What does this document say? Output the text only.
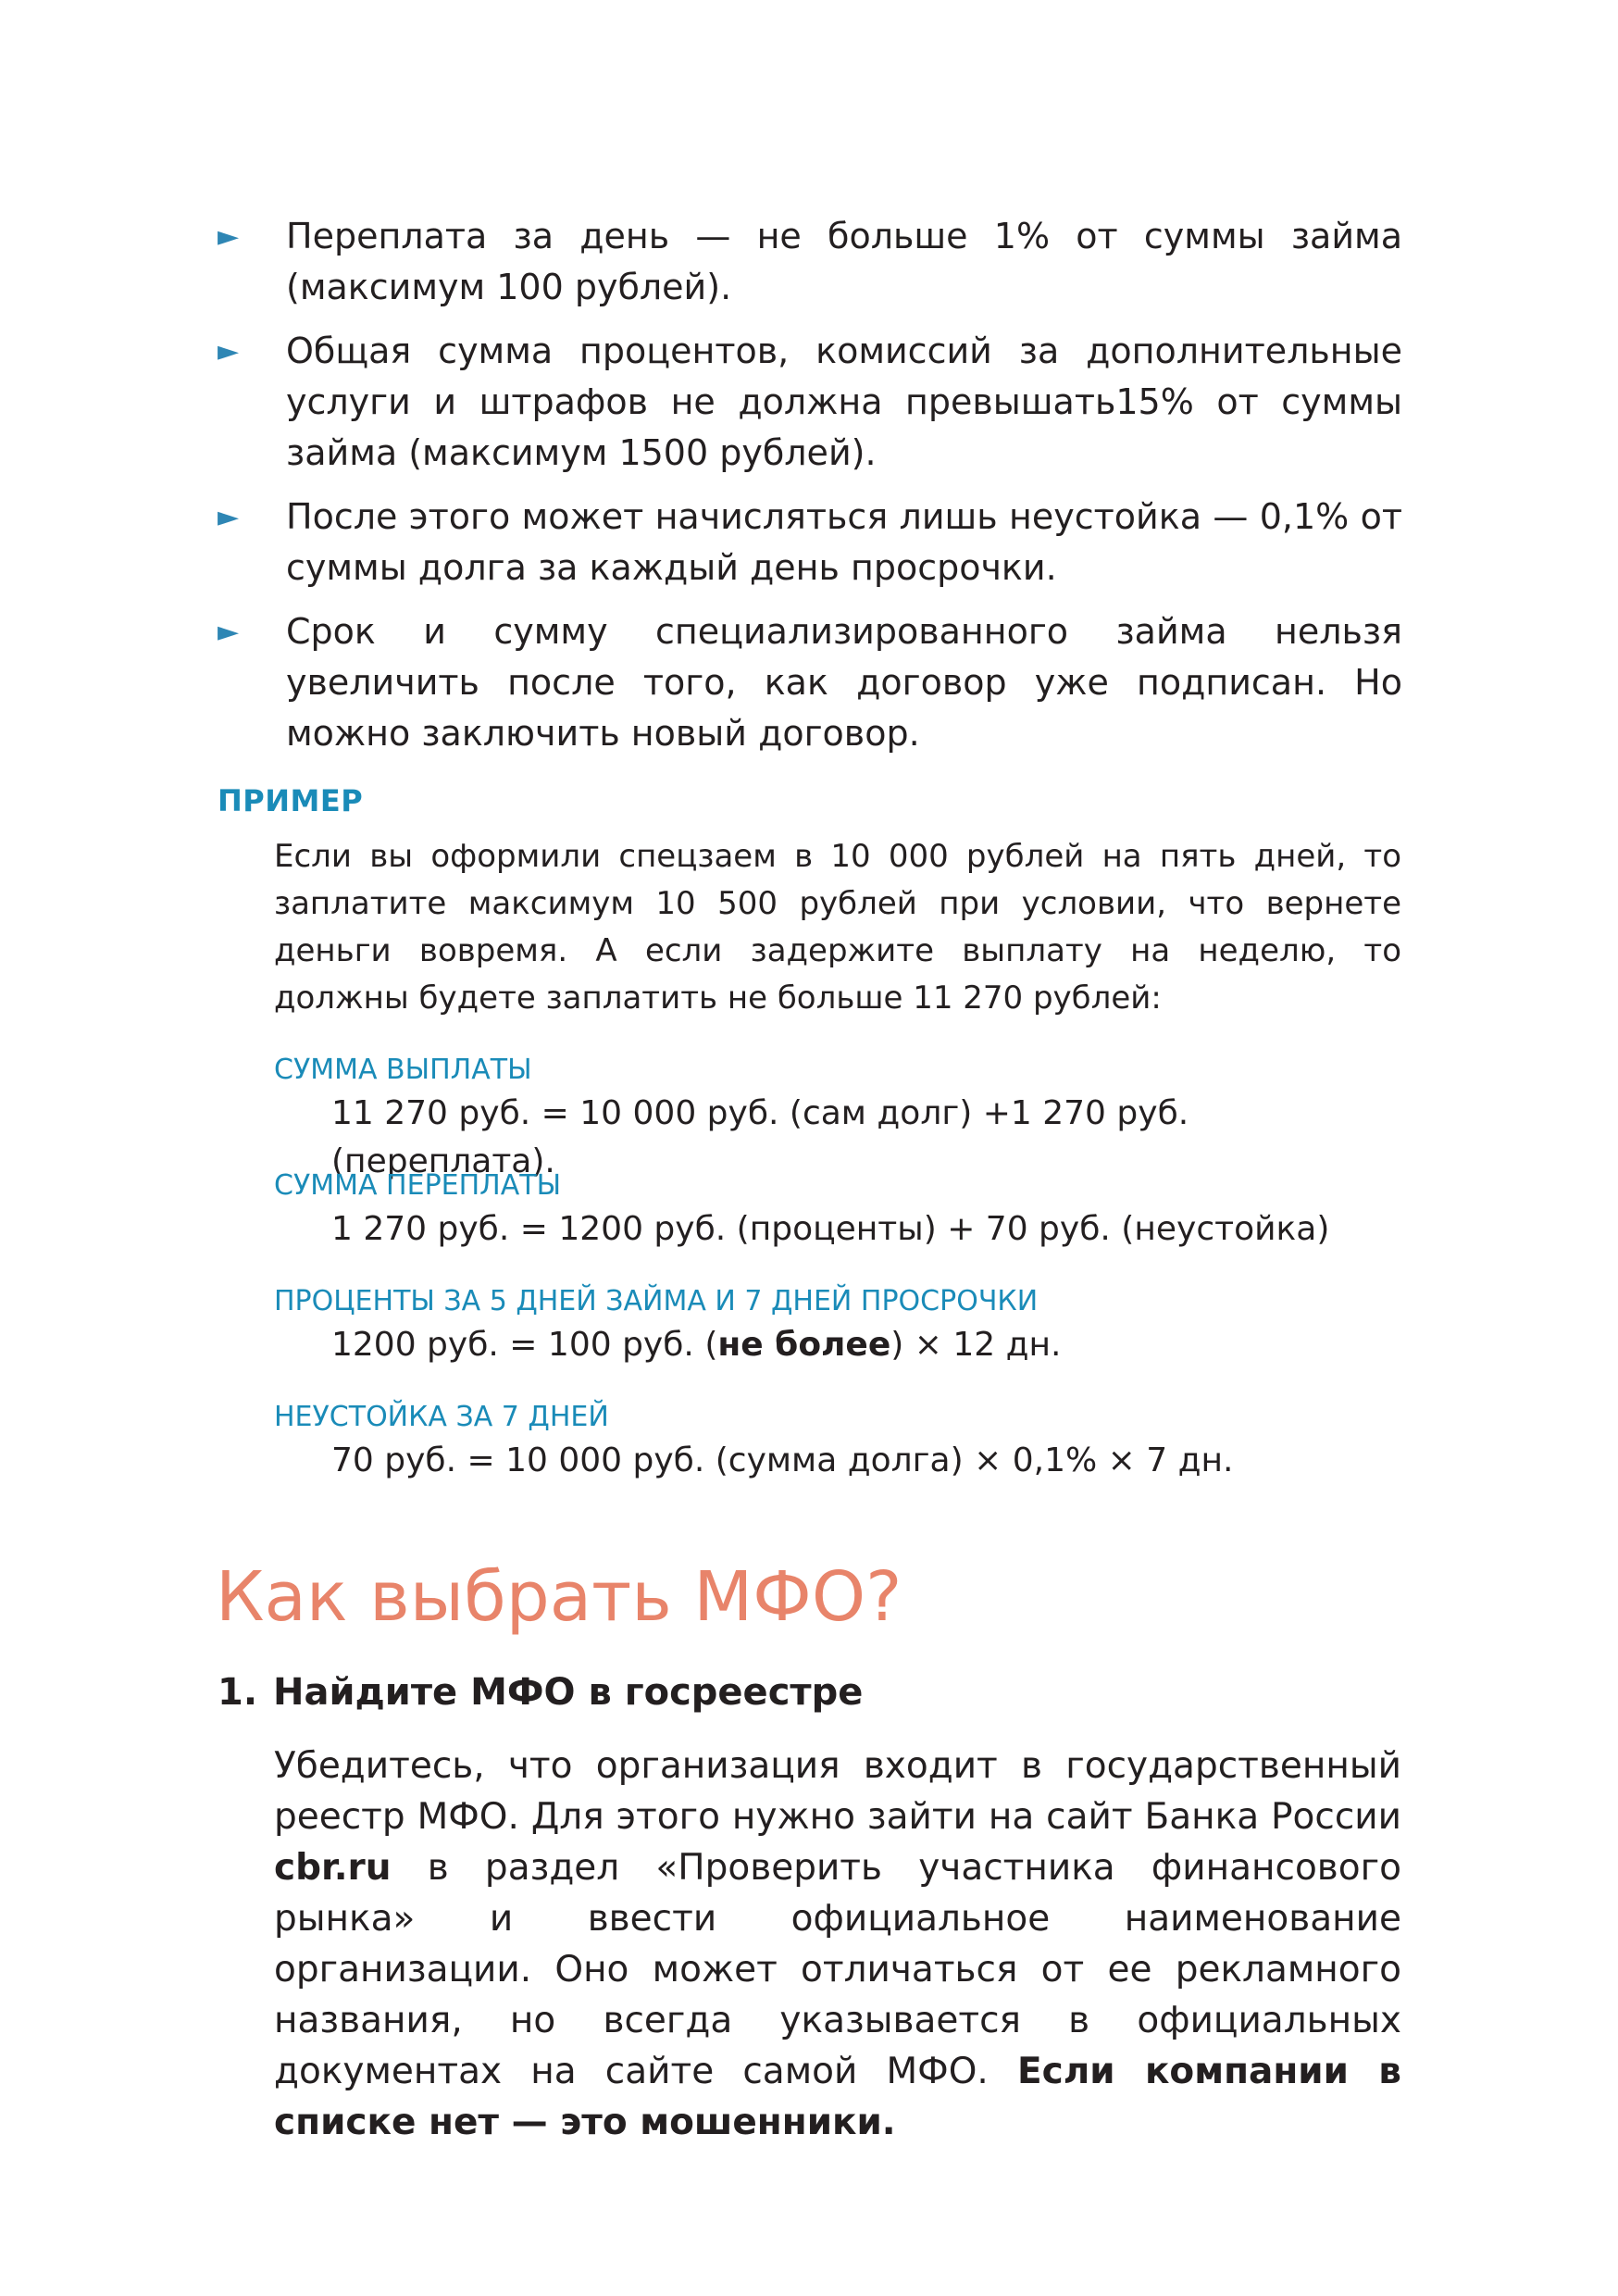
► Переплата за день — не больше 1% от суммы займа (максимум 100 рублей).
► Общая сумма процентов, комиссий за дополнительные услуги и штрафов не должна превышать15% от суммы займа (максимум 1500 рублей).
► После этого может начисляться лишь неустойка — 0,1% от суммы долга за каждый день просрочки.
► Срок и сумму специализированного займа нельзя увеличить после того, как договор уже подписан. Но можно заключить новый договор.
ПРИМЕР

Если вы оформили спецзаем в 10 000 рублей на пять дней, то заплатите максимум 10 500 рублей при условии, что вернете деньги вовремя. А если задержите выплату на неделю, то должны будете заплатить не больше 11 270 рублей:

СУММА ВЫПЛАТЫ
11 270 руб. = 10 000 руб. (сам долг) +1 270 руб. (переплата).
СУММА ПЕРЕПЛАТЫ
1 270 руб. = 1200 руб. (проценты) + 70 руб. (неустойка)
ПРОЦЕНТЫ ЗА 5 ДНЕЙ ЗАЙМА И 7 ДНЕЙ ПРОСРОЧКИ
1200 руб. = 100 руб. (не более) × 12 дн.
НЕУСТОЙКА ЗА 7 ДНЕЙ
70 руб. = 10 000 руб. (сумма долга) × 0,1% × 7 дн.
Как выбрать МФО?
1. Найдите МФО в госреестре

Убедитесь, что организация входит в государственный реестр МФО. Для этого нужно зайти на сайт Банка России cbr.ru в раздел «Проверить участника финансового рынка» и ввести официальное наименование организации. Оно может отличаться от ее рекламного названия, но всегда указывается в официальных документах на сайте самой МФО. Если компании в списке нет — это мошенники.
